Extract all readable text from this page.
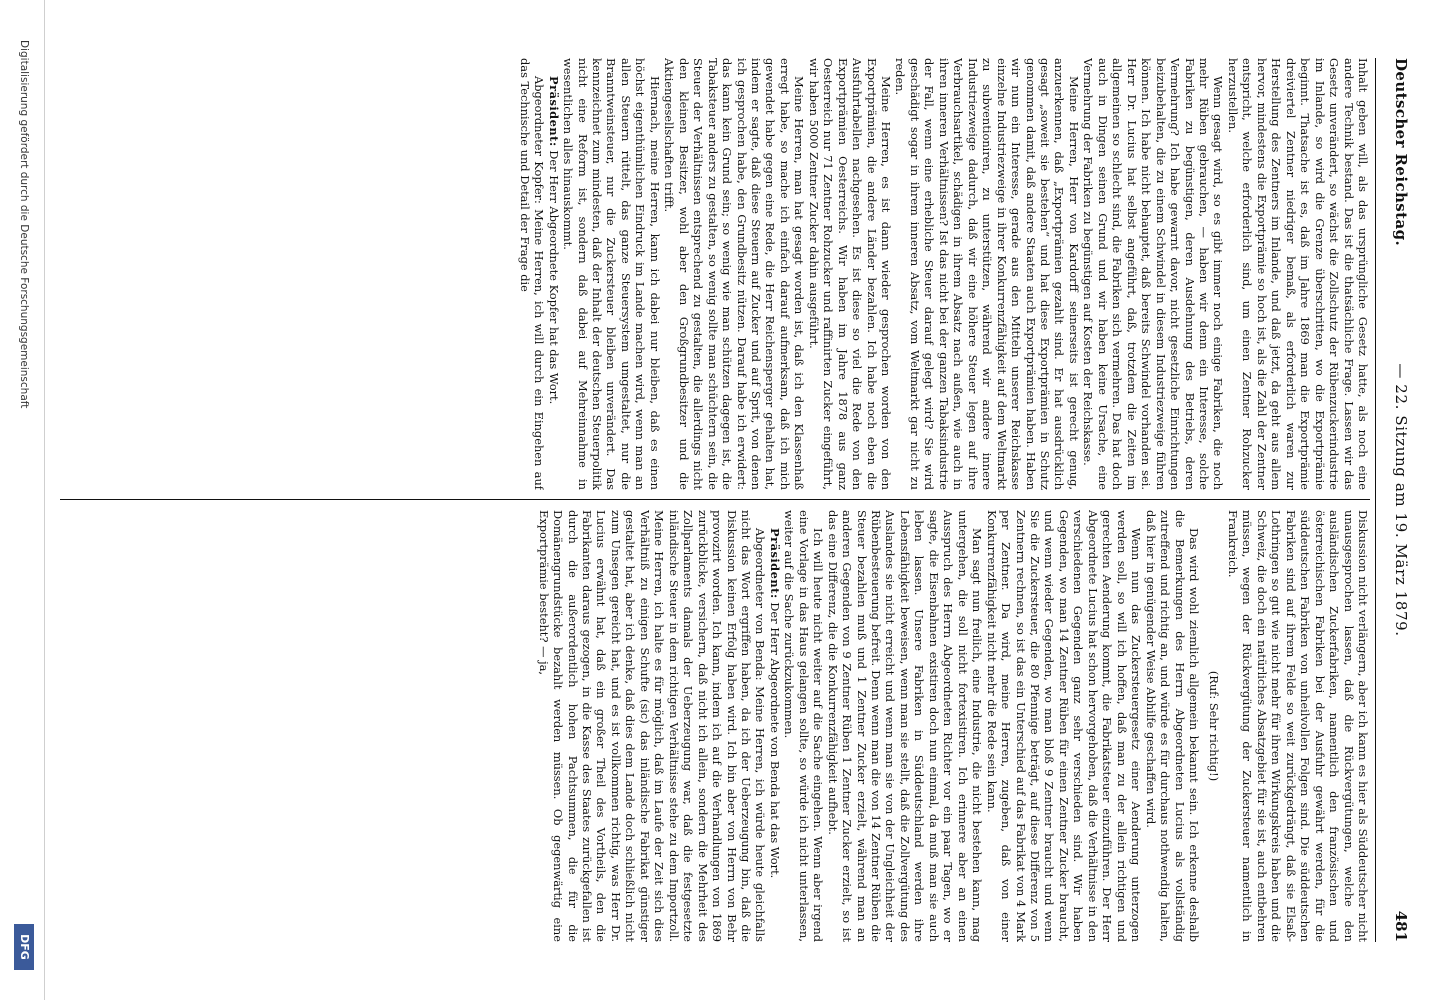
Deutscher Reichstag.
— 22. Sitzung am 19. März 1879.
481

Inhalt geben will, als das ursprüngliche Gesetz hatte, als noch eine andere Technik bestand. Das ist die thatsächliche Frage. Lassen wir das Gesetz unverändert, so wächst die Zollschutz der Rübenzuckerindustrie im Inlande, so wird die Grenze überschritten, wo die Exportprämie beginnt. Thatsache ist es, daß im Jahre 1869 man die Exportprämie dreiviertel Zentner niedriger bemaß, als erforderlich waren zur Herstellung des Zentners im Inlande, und daß jetzt, da geht aus allem hervor, mindestens die Exportprämie so hoch ist, als die Zahl der Zentner entspricht, welche erforderlich sind, um einen Zentner Rohzucker herzustellen.

Wenn gesagt wird, so es gibt immer noch einige Fabriken, die noch mehr Rüben gebrauchen, — haben wir denn ein Interesse, solche Fabriken zu begünstigen, deren Ausdehnung des Betriebs, deren Vermehrung? Ich habe gewarnt davor, nicht gesetzliche Einrichtungen beizubehalten, die zu einem Schwindel in diesem Industriezweige führen können. Ich habe nicht behauptet, daß bereits Schwindel vorhanden sei. Herr Dr. Lucius hat selbst angeführt, daß, trotzdem die Zeiten im allgemeinen so schlecht sind, die Fabriken sich vermehren. Das hat doch auch in Dingen seinen Grund und wir haben keine Ursache, eine Vermehrung der Fabriken zu begünstigen auf Kosten der Reichskasse.

Meine Herren, Herr von Kardorff seinerseits ist gerecht genug, anzuerkennen, daß „Exportprämien gezahlt sind. Er hat ausdrücklich gesagt „soweit sie bestehen“ und hat diese Exportprämien in Schutz genommen damit, daß andere Staaten auch Exportprämien haben. Haben wir nun ein Interesse, gerade aus den Mitteln unserer Reichskasse einzelne Industriezweige in ihrer Konkurrenzfähigkeit auf dem Weltmarkt zu subventioniren, zu unterstützen, während wir andere innere Industriezweige dadurch, daß wir eine höhere Steuer legen auf ihre Verbrauchsartikel, schädigen in ihrem Absatz nach außen, wie auch in ihren inneren Verhältnissen? Ist das nicht bei der ganzen Tabaksindustrie der Fall, wenn eine erhebliche Steuer darauf gelegt wird? Sie wird geschädigt sogar in ihrem inneren Absatz, vom Weltmarkt gar nicht zu reden.

Meine Herren, es ist dann wieder gesprochen worden von den Exportprämien, die andere Länder bezahlen. Ich habe noch eben die Ausfuhrtabellen nachgesehen. Es ist diese so viel die Rede von den Exportprämien Oesterreichs. Wir haben im Jahre 1878 aus ganz Oesterreich nur 71 Zentner Rohzucker und raffinirten Zucker eingeführt, wir haben 5000 Zentner Zucker dahin ausgeführt.

Meine Herren, man hat gesagt worden ist, daß ich den Klassenhaß erregt habe, so mache ich einfach darauf aufmerksam, daß ich mich gewendet habe gegen eine Rede, die Herr Reichensperger gehalten hat, indem er sagte, daß diese Steuern auf Zucker und auf Sprit, von denen ich gesprochen habe, den Grundbesitz nützen. Darauf habe ich erwidert: das kann kein Grund sein; so wenig wie man schützen dagegen ist, die Tabaksteuer anders zu gestalten, so wenig sollte man schüchtern sein, die Steuer der Verhältnissen entsprechend zu gestalten, die allerdings nicht den kleinen Besitzer, wohl aber den Großgrundbesitzer und die Aktiengesellschaften trifft.

Hiernach, meine Herren, kann ich dabei nur bleiben, daß es einen höchst eigenthümlichen Eindruck im Lande machen wird, wenn man an allen Steuern rüttelt, das ganze Steuersystem umgestaltet, nur die Branntweinsteuer, nur die Zuckersteuer bleiben unverändert. Das kennzeichnet zum mindesten, daß der Inhalt der deutschen Steuerpolitik nicht eine Reform ist, sondern daß dabei auf Mehreinnahme in wesentlichen alles hinauskommt.

Präsident: Der Herr Abgeordnete Kopfer hat das Wort.

Abgeordneter Kopfer: Meine Herren, ich will durch ein Eingehen auf das Technische und Detail der Frage die

Diskussion nicht verlängern, aber ich kann es hier als Süddeutscher nicht unausgesprochen lassen, daß die Rückvergütungen, welche den ausländischen Zuckerfabriken, namentlich den französischen und österreichischen Fabriken bei der Ausfuhr gewährt werden, für die süddeutschen Fabriken von unheilvollen Folgen sind. Die süddeutschen Fabriken sind auf ihrem Felde so weit zurückgedrängt, daß sie Elsaß-Lothringen so gut wie nicht mehr für ihren Wirkungskreis haben und die Schweiz, die doch ein natürliches Absatzgebiet für sie ist, auch entbehren müssen, wegen der Rückvergütung der Zuckersteuer namentlich in Frankreich.

(Ruf: Sehr richtig!)

Das wird wohl ziemlich allgemein bekannt sein. Ich erkenne deshalb die Bemerkungen des Herrn Abgeordneten Lucius als vollständig zutreffend und richtig an, und würde es für durchaus nothwendig halten, daß hier in genügender Weise Abhilfe geschaffen wird.

Wenn nun das Zuckersteuergesetz einer Aenderung unterzogen werden soll, so will ich hoffen, daß man zu der allein richtigen und gerechten Aenderung kommt, die Fabrikatsteuer einzuführen. Der Herr Abgeordnete Lucius hat schon hervorgehoben, daß die Verhältnisse in den verschiedenen Gegenden ganz sehr verschieden sind. Wir haben Gegenden, wo man 14 Zentner Rüben für einen Zentner Zucker braucht, und wenn wieder Gegenden, wo man bloß 9 Zentner braucht und wenn Sie die Zuckersteuer, die 80 Pfennige beträgt, auf diese Differenz von 5 Zentnern rechnen, so ist das ein Unterschied auf das Fabrikat von 4 Mark per Zentner. Da wird, meine Herren, zugeben, daß von einer Konkurrenzfähigkeit nicht mehr die Rede sein kann.

Man sagt nun freilich, eine Industrie, die nicht bestehen kann, mag untergehen, die soll nicht fortexistiren. Ich erinnere aber an einen Ausspruch des Herrn Abgeordneten Richter vor ein paar Tagen, wo er sagte, die Eisenbahnen existiren doch nun einmal, da muß man sie auch leben lassen. Unsere Fabriken in Süddeutschland werden ihre Lebensfähigkeit beweisen, wenn man sie stellt, daß die Zollvergütung des Auslandes sie nicht erreicht und wenn man sie von der Ungleichheit der Rübenbesteuerung befreit. Denn wenn man die von 14 Zentner Rüben die Steuer bezahlen muß und 1 Zentner Zucker erzielt, während man an anderen Gegenden von 9 Zentner Rüben 1 Zentner Zucker erzielt, so ist das eine Differenz, die die Konkurrenzfähigkeit aufhebt.

Ich will heute nicht weiter auf die Sache eingehen. Wenn aber irgend eine Vorlage in das Haus gelangen sollte, so würde ich nicht unterlassen, weiter auf die Sache zurückzukommen.

Präsident: Der Herr Abgeordnete von Benda hat das Wort.

Abgeordneter von Benda: Meine Herren, ich würde heute gleichfalls nicht das Wort ergriffen haben, da ich der Ueberzeugung bin, daß die Diskussion keinen Erfolg haben wird. Ich bin aber von Herrn von Behr provozirt worden. Ich kann, indem ich auf die Verhandlungen von 1869 zurückblicke, versichern, daß nicht ich allein, sondern die Mehrheit des Zollparlaments damals der Ueberzeugung war, daß die festgesetzte inländische Steuer in dem richtigen Verhältnisse stehe zu dem Importzoll. Meine Herren, ich halte es für möglich, daß im Laufe der Zeit sich dies Verhältniß zu einigen Schufte (sic) das inländische Fabrikat günstiger gestaltet hat, aber ich denke, daß dies dem Lande doch schließlich nicht zum Unsegen gereicht hat, und es ist vollkommen richtig, was Herr Dr. Lucius erwähnt hat, daß ein großer Theil des Vortheils, den die Fabrikanten daraus gezogen, in die Kasse des Staates zurückgefallen ist durch die außerordentlich hohen Pachtsummen, die für die Domänengrundstücke bezahlt werden müssen. Ob gegenwärtig eine Exportprämie besteht? — ja,

Digitalisierung gefördert durch die Deutsche Forschungsgemeinschaft
DFG
